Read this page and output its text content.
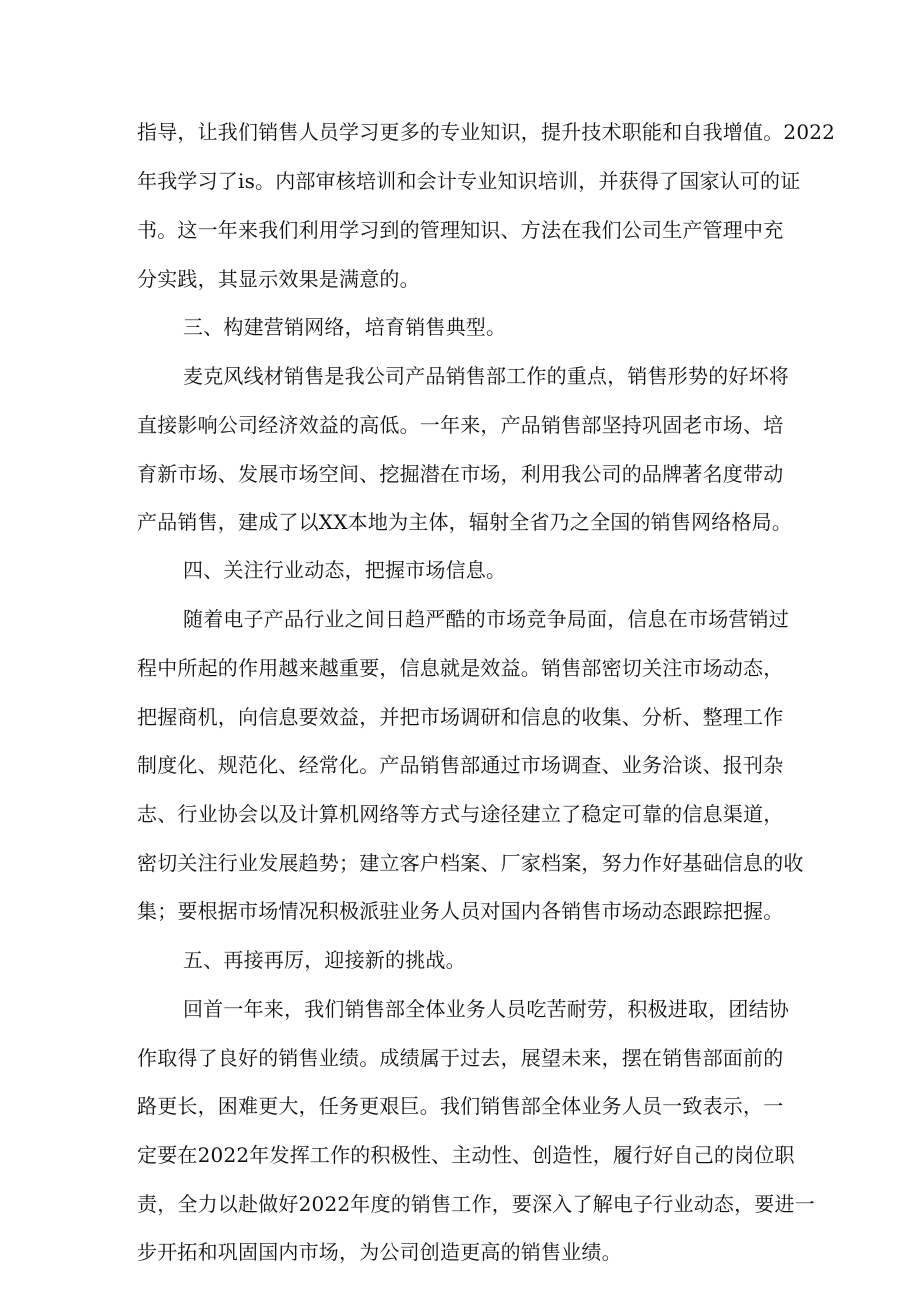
指导，让我们销售人员学习更多的专业知识，提升技术职能和自我增值。2022
年我学习了is。内部审核培训和会计专业知识培训，并获得了国家认可的证
书。这一年来我们利用学习到的管理知识、方法在我们公司生产管理中充
分实践，其显示效果是满意的。
三、构建营销网络，培育销售典型。
麦克风线材销售是我公司产品销售部工作的重点，销售形势的好坏将
直接影响公司经济效益的高低。一年来，产品销售部坚持巩固老市场、培
育新市场、发展市场空间、挖掘潜在市场，利用我公司的品牌著名度带动
产品销售，建成了以XX本地为主体，辐射全省乃之全国的销售网络格局。
四、关注行业动态，把握市场信息。
随着电子产品行业之间日趋严酷的市场竞争局面，信息在市场营销过
程中所起的作用越来越重要，信息就是效益。销售部密切关注市场动态，
把握商机，向信息要效益，并把市场调研和信息的收集、分析、整理工作
制度化、规范化、经常化。产品销售部通过市场调查、业务洽谈、报刊杂
志、行业协会以及计算机网络等方式与途径建立了稳定可靠的信息渠道，
密切关注行业发展趋势；建立客户档案、厂家档案，努力作好基础信息的收
集；要根据市场情况积极派驻业务人员对国内各销售市场动态跟踪把握。
五、再接再厉，迎接新的挑战。
回首一年来，我们销售部全体业务人员吃苦耐劳，积极进取，团结协
作取得了良好的销售业绩。成绩属于过去，展望未来，摆在销售部面前的
路更长，困难更大，任务更艰巨。我们销售部全体业务人员一致表示，一
定要在2022年发挥工作的积极性、主动性、创造性，履行好自己的岗位职
责，全力以赴做好2022年度的销售工作，要深入了解电子行业动态，要进一
步开拓和巩固国内市场，为公司创造更高的销售业绩。
